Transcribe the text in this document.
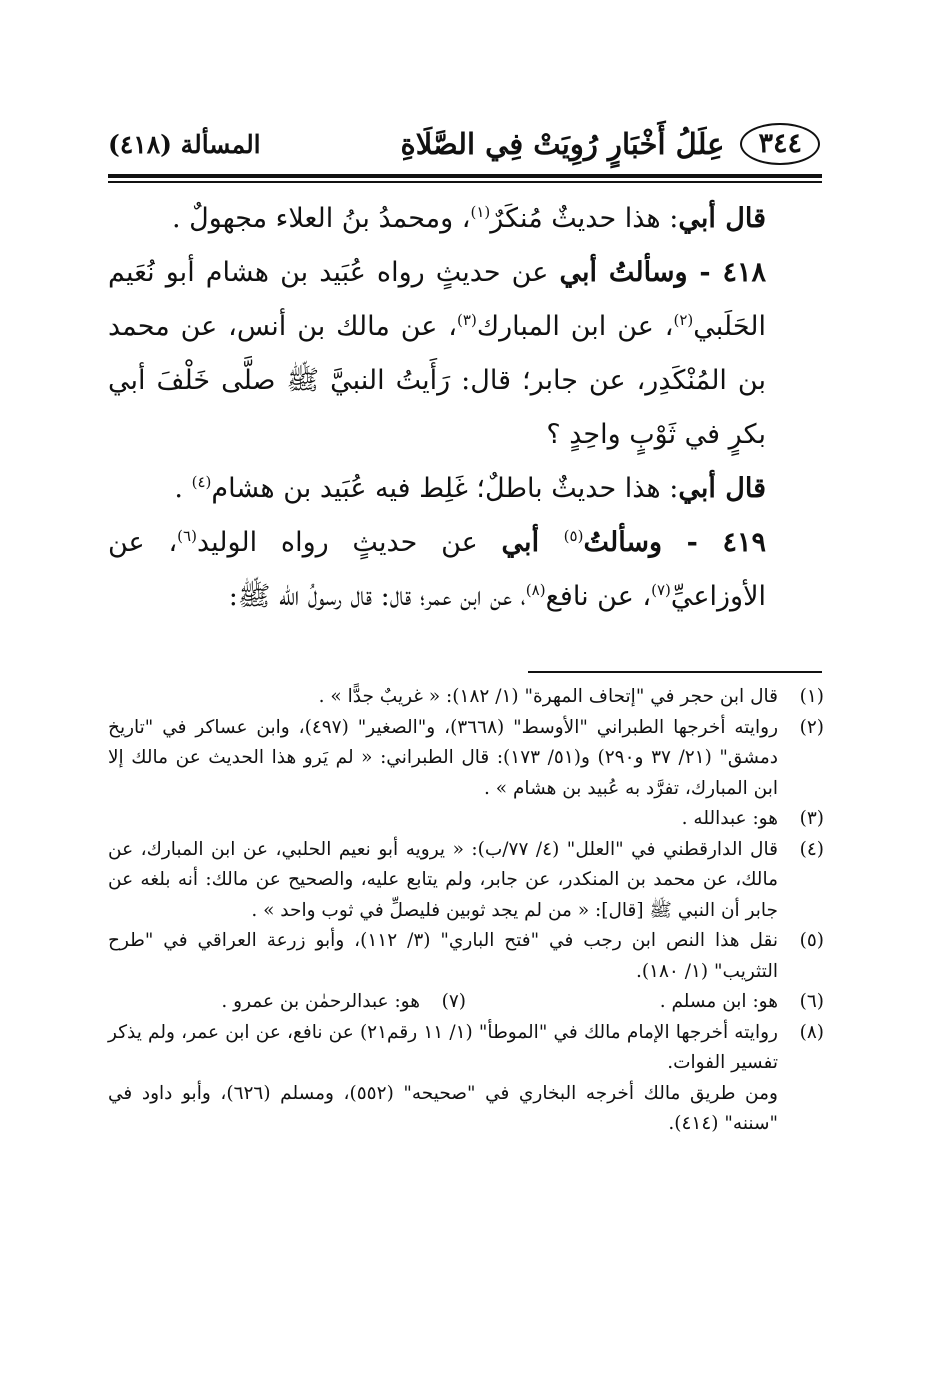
٣٤٤
عِلَلُ أَخْبَارٍ رُوِيَتْ فِي الصَّلَاةِ
المسألة (٤١٨)

قال أبي: هذا حديثٌ مُنكَرٌ$^{(١)}$، ومحمدُ بنُ العلاء مجهولٌ .

٤١٨ - وسألتُ أبي عن حديثٍ رواه عُبَيد بن هشام أبو نُعَيم الحَلَبي$^{(٢)}$، عن ابن المبارك$^{(٣)}$، عن مالك بن أنس، عن محمد بن المُنْكَدِر، عن جابر؛ قال: رَأَيتُ النبيَّ ﷺ صلَّى خَلْفَ أبي بكرٍ في ثَوْبٍ واحِدٍ ؟

قال أبي: هذا حديثٌ باطلٌ؛ غَلِط فيه عُبَيد بن هشام$^{(٤)}$ .

٤١٩ - وسألتُ$^{(٥)}$ أبي عن حديثٍ رواه الوليد$^{(٦)}$، عن الأوزاعيِّ$^{(٧)}$، عن نافع$^{(٨)}$، عن ابن عمر؛ قال: قال رسولُ الله ﷺ:

(١)
قال ابن حجر في "إتحاف المهرة" (١/ ١٨٢): « غريبٌ جدًّا » .
(٢)
روايته أخرجها الطبراني "الأوسط" (٣٦٦٨)، و"الصغير" (٤٩٧)، وابن عساكر في "تاريخ دمشق" (٢١/ ٣٧ و٢٩٠) و(٥١/ ١٧٣): قال الطبراني: « لم يَرو هذا الحديث عن مالك إلا ابن المبارك، تفرَّد به عُبيد بن هشام » .
(٣)
هو: عبدالله .
(٤)
قال الدارقطني في "العلل" (٤/ ٧٧/ب): « يرويه أبو نعيم الحلبي، عن ابن المبارك، عن مالك، عن محمد بن المنكدر، عن جابر، ولم يتابع عليه، والصحيح عن مالك: أنه بلغه عن جابر أن النبي ﷺ [قال]: « من لم يجد ثوبين فليصلِّ في ثوب واحد » .
(٥)
نقل هذا النص ابن رجب في "فتح الباري" (٣/ ١١٢)، وأبو زرعة العراقي في "طرح التثريب" (١/ ١٨٠).
(٦)
هو: ابن مسلم .
(٧)
هو: عبدالرحمٰن بن عمرو .
(٨)
روايته أخرجها الإمام مالك في "الموطأ" (١/ ١١ رقم٢١) عن نافع، عن ابن عمر، ولم يذكر تفسير الفوات.
ومن طريق مالك أخرجه البخاري في "صحيحه" (٥٥٢)، ومسلم (٦٢٦)، وأبو داود في "سننه" (٤١٤).
